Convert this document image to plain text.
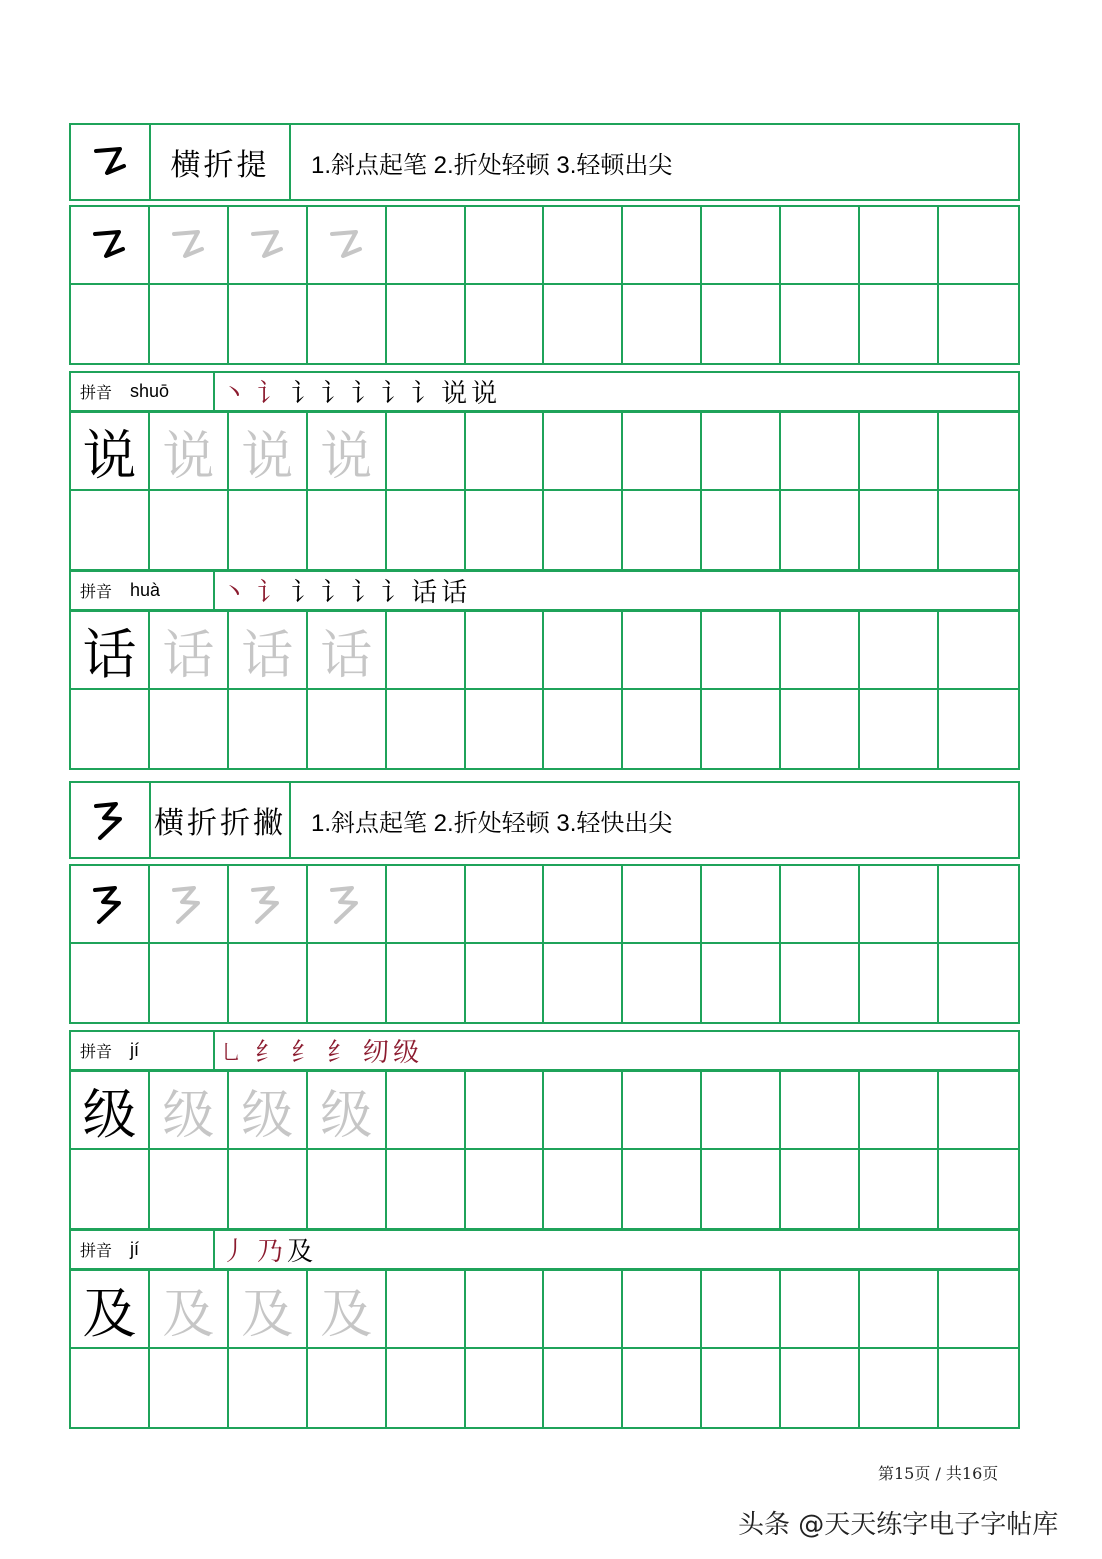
横折提	1.斜点起笔 2.折处轻顿 3.轻顿出尖
拼音 shuō 丶 讠 讠 讠 讠 讠 讠 说 说
说 说 说 说
拼音 huà 丶 讠 讠 讠 讠 讠 话 话
话 话 话 话
横折折撇	1.斜点起笔 2.折处轻顿 3.轻快出尖
拼音 jí	乚 纟 纟 纟 纫 级
级 级 级 级
拼音 jí	丿 乃 及
及 及 及 及
第15页 / 共16页
头条 @天天练字电子字帖库
